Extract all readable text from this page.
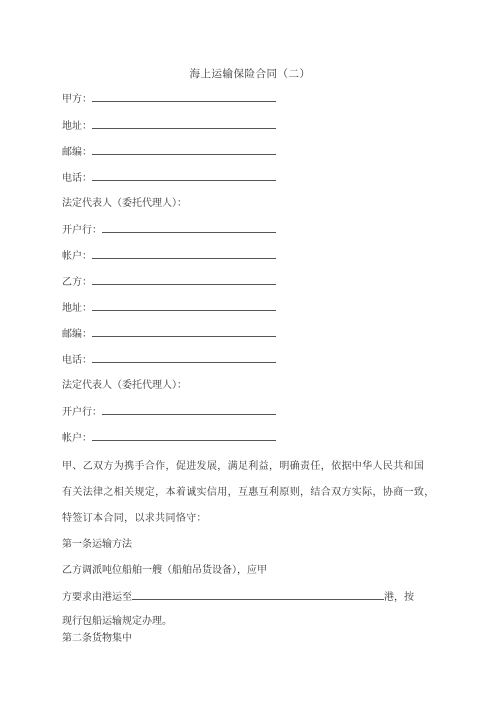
海上运输保险合同（二）
甲方：
地址：
邮编：
电话：
法定代表人（委托代理人）：
开户行：
帐户：
乙方：
地址：
邮编：
电话：
法定代表人（委托代理人）：
开户行：
帐户：
甲、乙双方为携手合作，促进发展，满足利益，明确责任，依据中华人民共和国
有关法律之相关规定，本着诚实信用，互惠互利原则，结合双方实际，协商一致，
特签订本合同，以求共同恪守：
第一条运输方法
乙方调派吨位船舶一艘（船舶吊货设备），应甲
方要求由港运至	港，按
现行包船运输规定办理。
第二条货物集中
